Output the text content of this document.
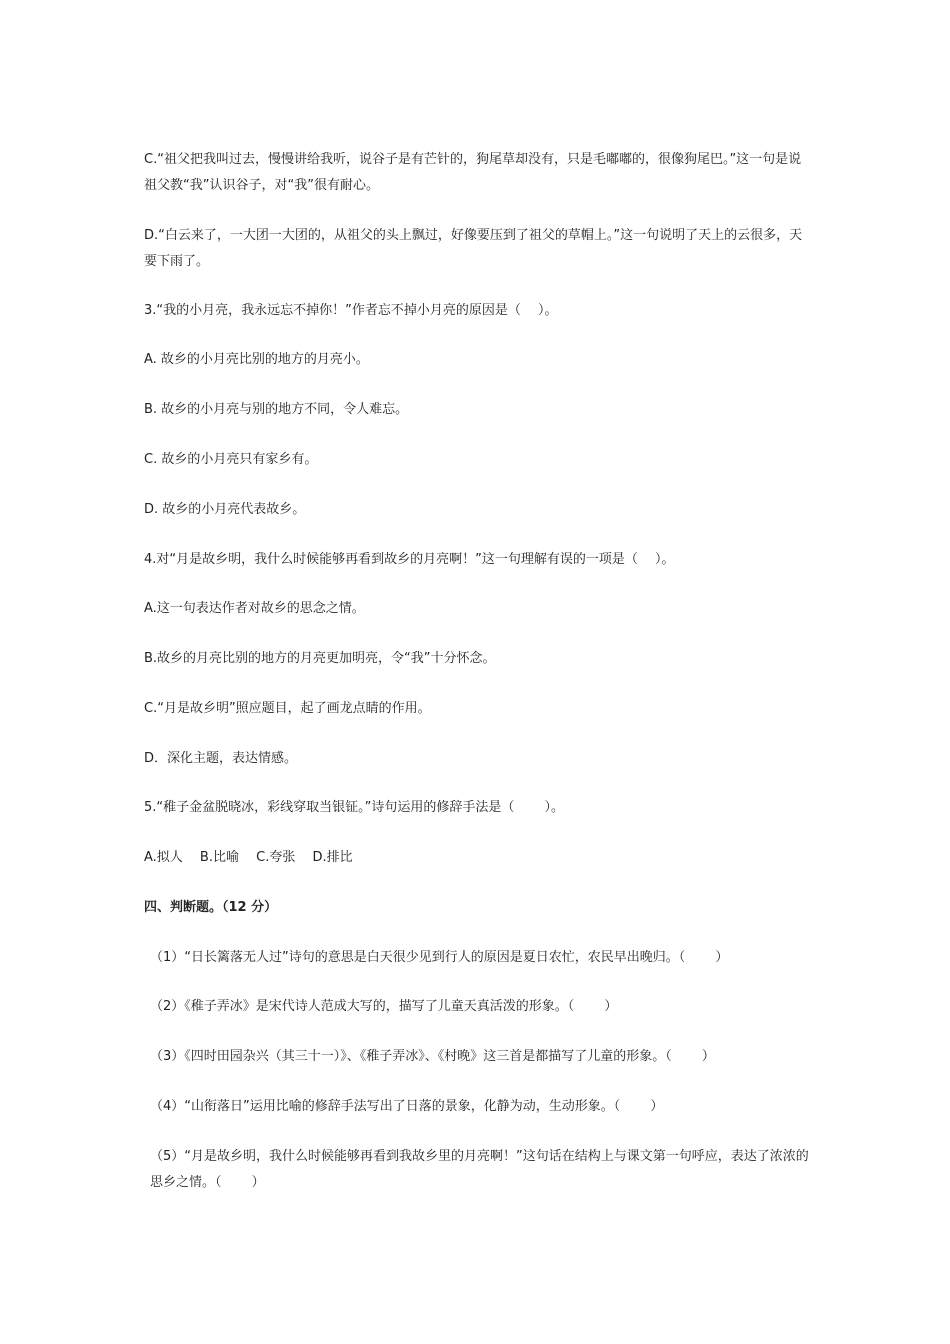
C.“祖父把我叫过去，慢慢讲给我听，说谷子是有芒针的，狗尾草却没有，只是毛嘟嘟的，很像狗尾巴。”这一句是说祖父教“我”认识谷子，对“我”很有耐心。

D.“白云来了，一大团一大团的，从祖父的头上飘过，好像要压到了祖父的草帽上。”这一句说明了天上的云很多，天要下雨了。

3.“我的小月亮，我永远忘不掉你！”作者忘不掉小月亮的原因是（　 ）。

A. 故乡的小月亮比别的地方的月亮小。

B. 故乡的小月亮与别的地方不同，令人难忘。

C. 故乡的小月亮只有家乡有。

D. 故乡的小月亮代表故乡。

4.对“月是故乡明，我什么时候能够再看到故乡的月亮啊！”这一句理解有误的一项是（　 ）。

A.这一句表达作者对故乡的思念之情。

B.故乡的月亮比别的地方的月亮更加明亮，令“我”十分怀念。

C.“月是故乡明”照应题目，起了画龙点睛的作用。

D．深化主题，表达情感。

5.“稚子金盆脱晓冰，彩线穿取当银钲。”诗句运用的修辞手法是（　　 ）。

A.拟人　 B.比喻　 C.夸张　 D.排比

四、判断题。（12 分）

（1）“日长篱落无人过”诗句的意思是白天很少见到行人的原因是夏日农忙，农民早出晚归。（　　 ）

（2）《稚子弄冰》是宋代诗人范成大写的，描写了儿童天真活泼的形象。（　　 ）

（3）《四时田园杂兴（其三十一）》、《稚子弄冰》、《村晚》这三首是都描写了儿童的形象。（　　 ）

（4）“山衔落日”运用比喻的修辞手法写出了日落的景象，化静为动，生动形象。（　　 ）

（5）“月是故乡明，我什么时候能够再看到我故乡里的月亮啊！”这句话在结构上与课文第一句呼应，表达了浓浓的思乡之情。（　　 ）
